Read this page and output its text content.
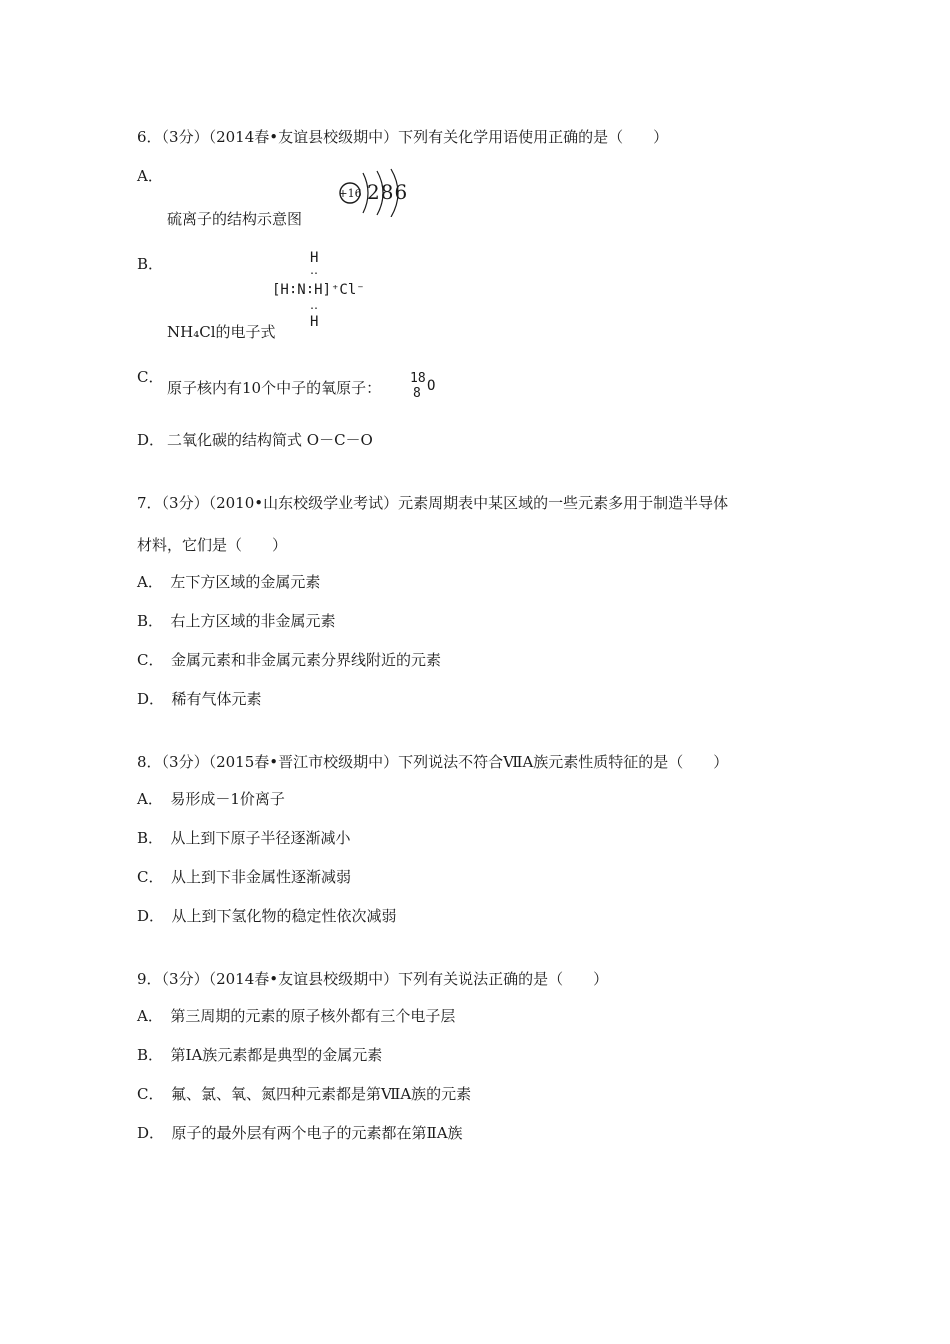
6．（3分）（2014春•友谊县校级期中）下列有关化学用语使用正确的是（　　）
A．
+16 286
硫离子的结构示意图
B．	H
‥
[H∶N∶H]⁺Cl⁻
‥
H
NH₄Cl的电子式
C．
原子核内有10个中子的氧原子：
18
8 O
D． 二氧化碳的结构简式 O－C－O
7．（3分）（2010•山东校级学业考试）元素周期表中某区域的一些元素多用于制造半导体
材料，它们是（　　）
A．　左下方区域的金属元素
B．　右上方区域的非金属元素
C．　金属元素和非金属元素分界线附近的元素
D．　稀有气体元素
8．（3分）（2015春•晋江市校级期中）下列说法不符合ⅦA族元素性质特征的是（　　）
A．　易形成－1价离子
B．　从上到下原子半径逐渐减小
C．　从上到下非金属性逐渐减弱
D．　从上到下氢化物的稳定性依次减弱
9．（3分）（2014春•友谊县校级期中）下列有关说法正确的是（　　）
A．　第三周期的元素的原子核外都有三个电子层
B．　第ⅠA族元素都是典型的金属元素
C．　氟、氯、氧、氮四种元素都是第ⅦA族的元素
D．　原子的最外层有两个电子的元素都在第ⅡA族
